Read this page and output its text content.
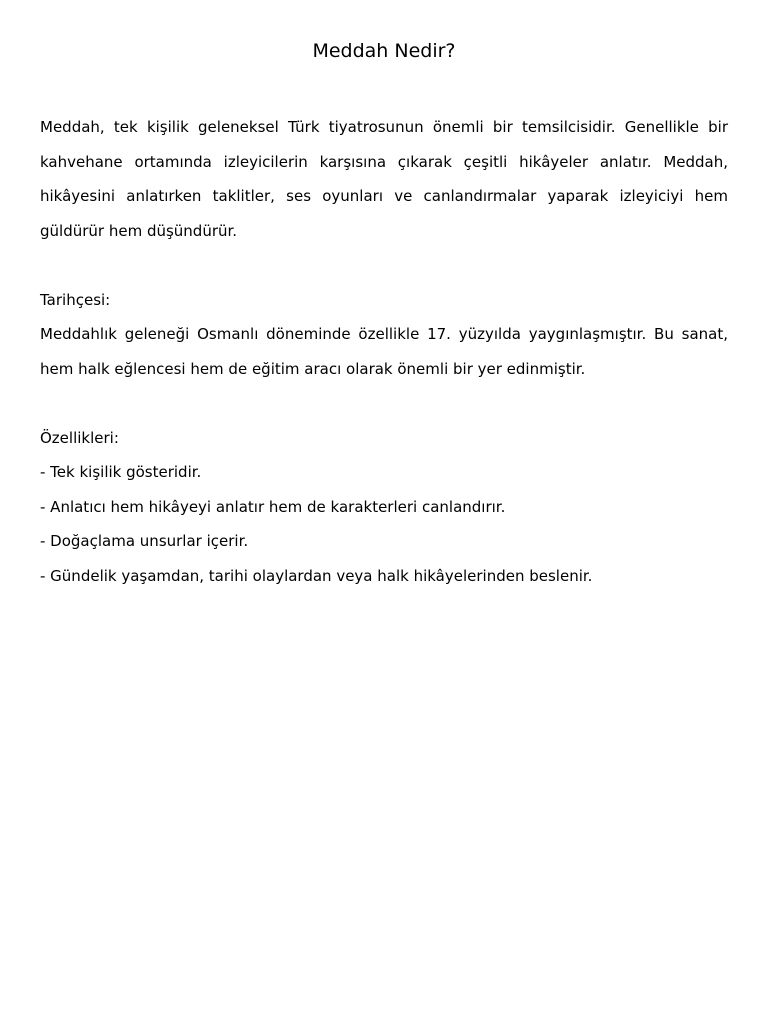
Meddah Nedir?

Meddah, tek kişilik geleneksel Türk tiyatrosunun önemli bir temsilcisidir. Genellikle bir kahvehane ortamında izleyicilerin karşısına çıkarak çeşitli hikâyeler anlatır. Meddah, hikâyesini anlatırken taklitler, ses oyunları ve canlandırmalar yaparak izleyiciyi hem güldürür hem düşündürür.

Tarihçesi:

Meddahlık geleneği Osmanlı döneminde özellikle 17. yüzyılda yaygınlaşmıştır. Bu sanat, hem halk eğlencesi hem de eğitim aracı olarak önemli bir yer edinmiştir.

Özellikleri:

- Tek kişilik gösteridir.
- Anlatıcı hem hikâyeyi anlatır hem de karakterleri canlandırır.
- Doğaçlama unsurlar içerir.
- Gündelik yaşamdan, tarihi olaylardan veya halk hikâyelerinden beslenir.
